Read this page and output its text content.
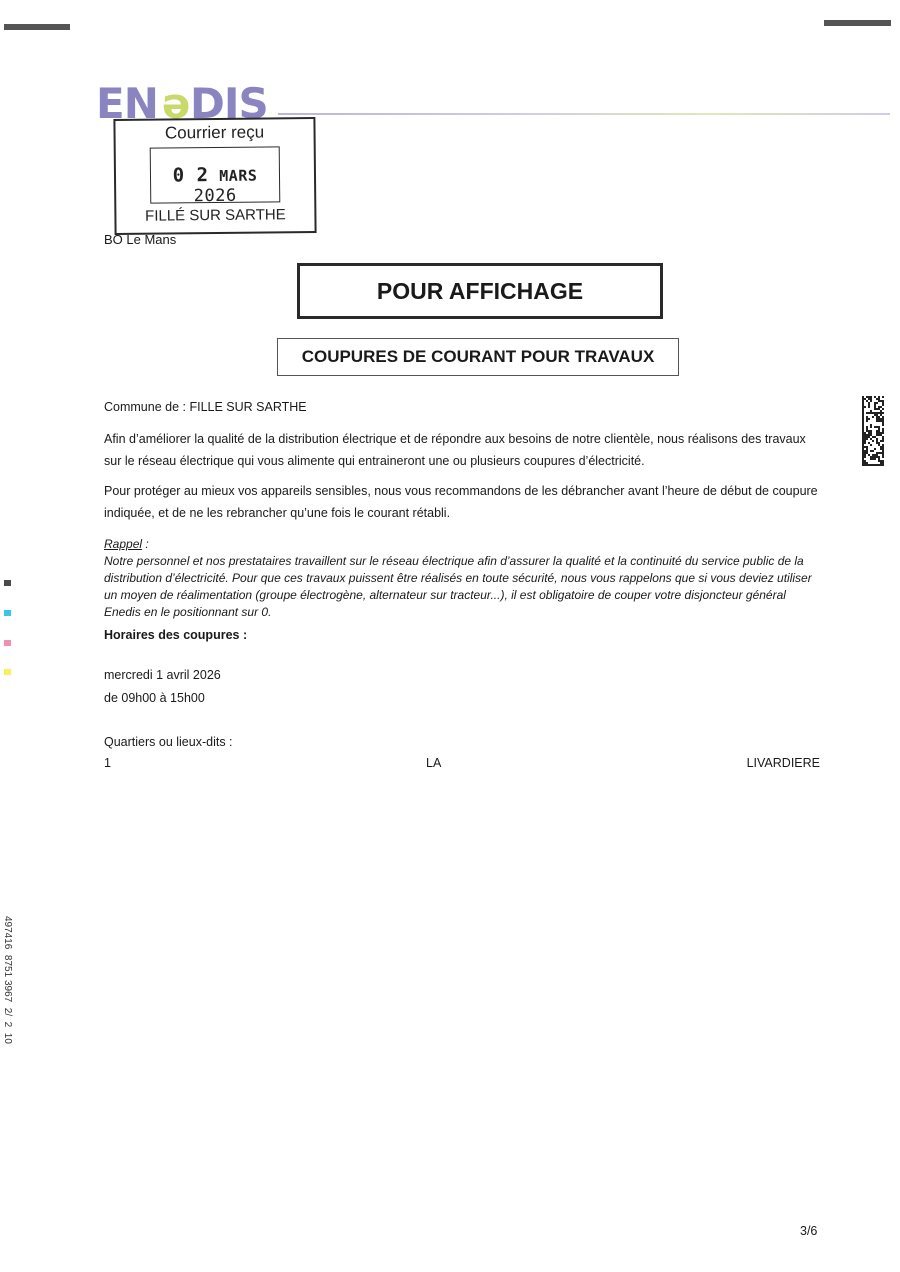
EN ə DIS
Courrier reçu
0 2 MARS 2026
FILLÉ SUR SARTHE
BO Le Mans
POUR AFFICHAGE
COUPURES DE COURANT POUR TRAVAUX
Commune de : FILLE SUR SARTHE
Afin d’améliorer la qualité de la distribution électrique et de répondre aux besoins de notre clientèle, nous réalisons des travaux sur le réseau électrique qui vous alimente qui entraineront une ou plusieurs coupures d’électricité.
Pour protéger au mieux vos appareils sensibles, nous vous recommandons de les débrancher avant l’heure de début de coupure indiquée, et de ne les rebrancher qu’une fois le courant rétabli.
Rappel :
Notre personnel et nos prestataires travaillent sur le réseau électrique afin d’assurer la qualité et la continuité du service public de la distribution d’électricité. Pour que ces travaux puissent être réalisés en toute sécurité, nous vous rappelons que si vous deviez utiliser un moyen de réalimentation (groupe électrogène, alternateur sur tracteur...), il est obligatoire de couper votre disjoncteur général Enedis en le positionnant sur 0.
Horaires des coupures :
mercredi 1 avril 2026
de 09h00 à 15h00
Quartiers ou lieux-dits :
1	LA	LIVARDIERE
497416  8751 3967  2/  2  10
3/6
